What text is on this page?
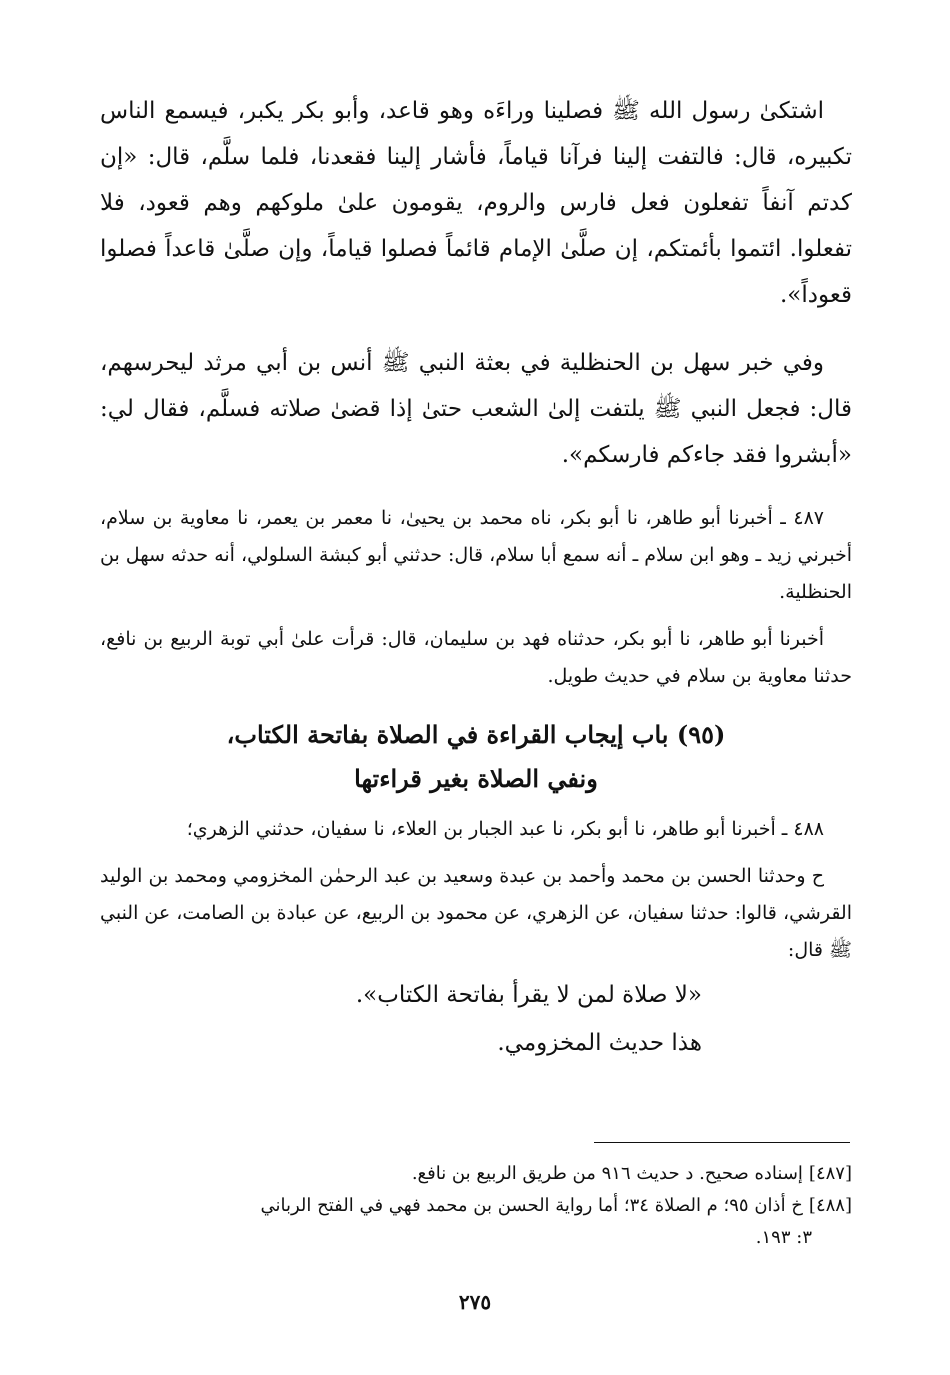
اشتكىٰ رسول الله ﷺ فصلينا وراءَه وهو قاعد، وأبو بكر يكبر، فيسمع الناس تكبيره، قال: فالتفت إلينا فرآنا قياماً، فأشار إلينا فقعدنا، فلما سلَّم، قال: «إن كدتم آنفاً تفعلون فعل فارس والروم، يقومون علىٰ ملوكهم وهم قعود، فلا تفعلوا. ائتموا بأئمتكم، إن صلَّىٰ الإمام قائماً فصلوا قياماً، وإن صلَّىٰ قاعداً فصلوا قعوداً».

وفي خبر سهل بن الحنظلية في بعثة النبي ﷺ أنس بن أبي مرثد ليحرسهم، قال: فجعل النبي ﷺ يلتفت إلىٰ الشعب حتىٰ إذا قضىٰ صلاته فسلَّم، فقال لي: «أبشروا فقد جاءكم فارسكم».

٤٨٧ ـ أخبرنا أبو طاهر، نا أبو بكر، ناه محمد بن يحيىٰ، نا معمر بن يعمر، نا معاوية بن سلام، أخبرني زيد ـ وهو ابن سلام ـ أنه سمع أبا سلام، قال: حدثني أبو كبشة السلولي، أنه حدثه سهل بن الحنظلية.

أخبرنا أبو طاهر، نا أبو بكر، حدثناه فهد بن سليمان، قال: قرأت علىٰ أبي توبة الربيع بن نافع، حدثنا معاوية بن سلام في حديث طويل.

(٩٥) باب إيجاب القراءة في الصلاة بفاتحة الكتاب،
ونفي الصلاة بغير قراءتها

٤٨٨ ـ أخبرنا أبو طاهر، نا أبو بكر، نا عبد الجبار بن العلاء، نا سفيان، حدثني الزهري؛

ح وحدثنا الحسن بن محمد وأحمد بن عبدة وسعيد بن عبد الرحمٰن المخزومي ومحمد بن الوليد القرشي، قالوا: حدثنا سفيان، عن الزهري، عن محمود بن الربيع، عن عبادة بن الصامت، عن النبي ﷺ قال:

«لا صلاة لمن لا يقرأ بفاتحة الكتاب».

هذا حديث المخزومي.

[٤٨٧]إسناده صحيح. د حديث ٩١٦ من طريق الربيع بن نافع.

[٤٨٨]خ أذان ٩٥؛ م الصلاة ٣٤؛ أما رواية الحسن بن محمد فهي في الفتح الرباني

٣: ١٩٣.

٢٧٥
